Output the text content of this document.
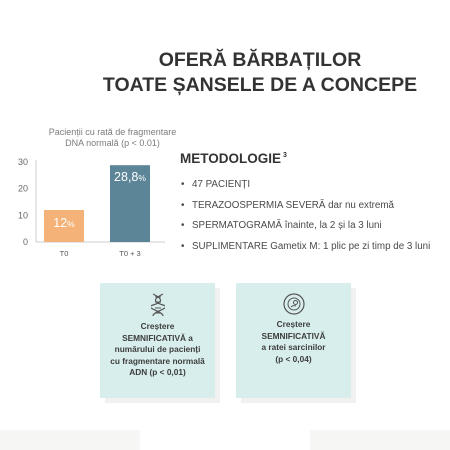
OFERĂ BĂRBAȚILOR
TOATE ȘANSELE DE A CONCEPE
Pacienții cu rată de fragmentare
DNA normală (p < 0.01)
0
10
20
30
12%
T0
28,8%
T0 + 3
METODOLOGIE $^3$
• 47 PACIENȚI
• TERAZOOSPERMIA SEVERĂ dar nu extremă
• SPERMATOGRAMĂ înainte, la 2 și la 3 luni
• SUPLIMENTARE Gametix M: 1 plic pe zi timp de 3 luni
Creștere
SEMNIFICATIVĂ a
numărului de pacienți
cu fragmentare normală
ADN (p < 0,01)
Creștere
SEMNIFICATIVĂ
a ratei sarcinilor
(p < 0,04)
